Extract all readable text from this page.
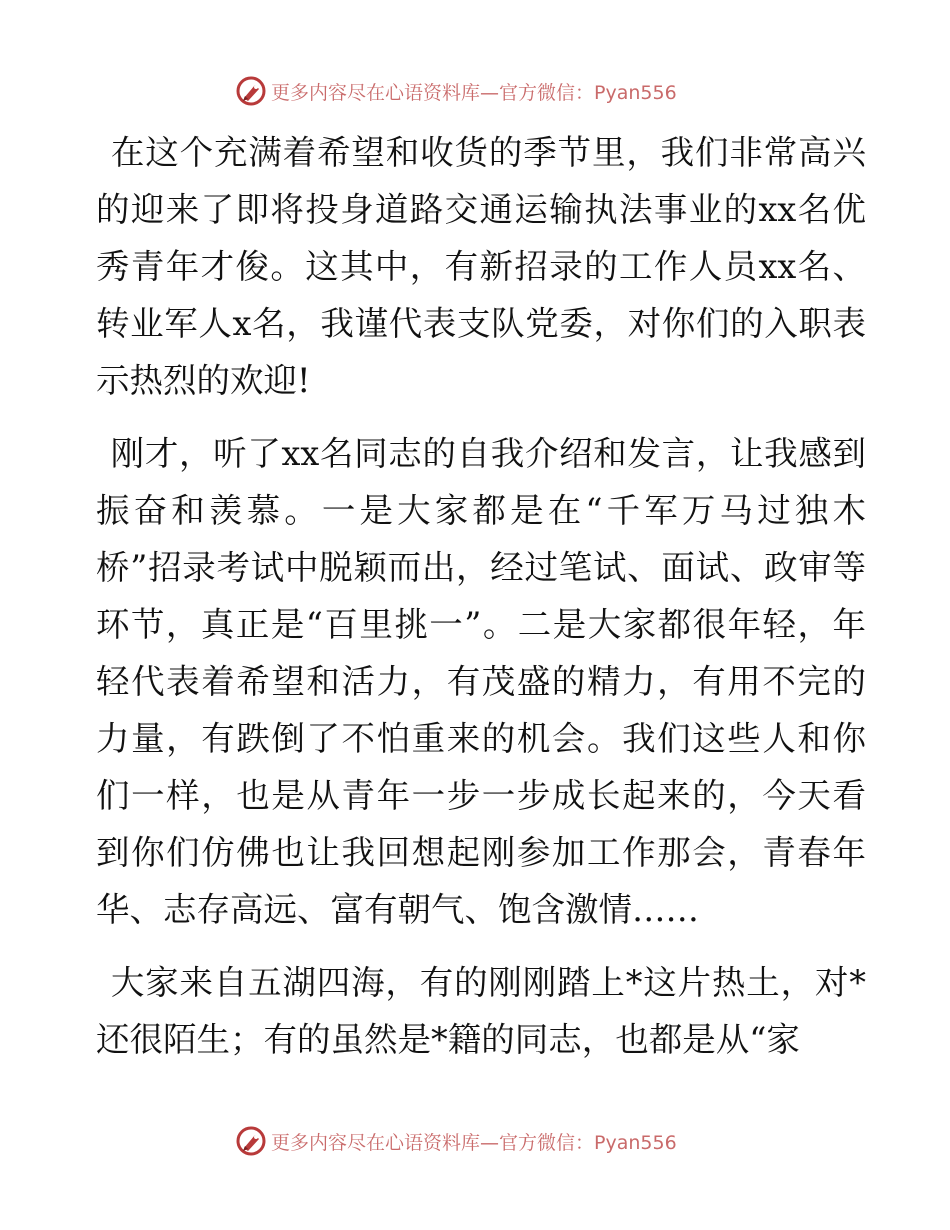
更多内容尽在心语资料库—官方微信：Pyan556

在这个充满着希望和收货的季节里，我们非常高兴的迎来了即将投身道路交通运输执法事业的xx名优秀青年才俊。这其中，有新招录的工作人员xx名、转业军人x名，我谨代表支队党委，对你们的入职表示热烈的欢迎!

刚才，听了xx名同志的自我介绍和发言，让我感到振奋和羡慕。一是大家都是在“千军万马过独木桥”招录考试中脱颖而出，经过笔试、面试、政审等环节，真正是“百里挑一”。二是大家都很年轻，年轻代表着希望和活力，有茂盛的精力，有用不完的力量，有跌倒了不怕重来的机会。我们这些人和你们一样，也是从青年一步一步成长起来的，今天看到你们仿佛也让我回想起刚参加工作那会，青春年华、志存高远、富有朝气、饱含激情……

大家来自五湖四海，有的刚刚踏上*这片热土，对*还很陌生；有的虽然是*籍的同志，也都是从“家

更多内容尽在心语资料库—官方微信：Pyan556
